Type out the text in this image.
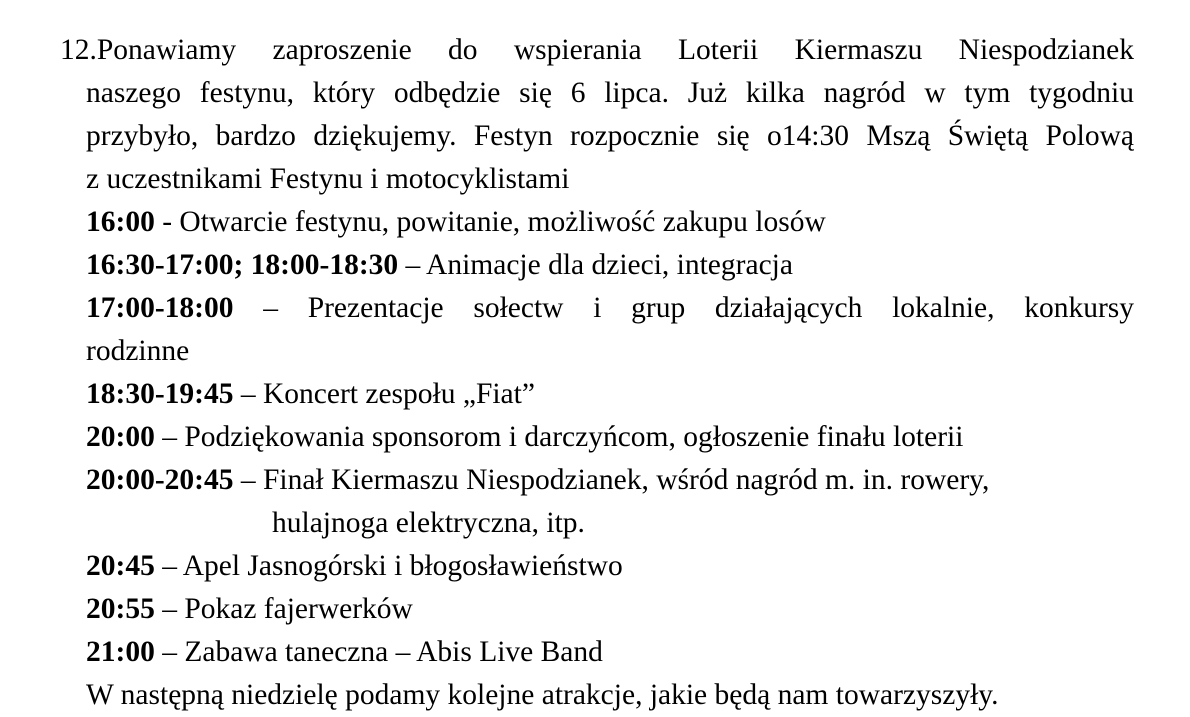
12.Ponawiamy zaproszenie do wspierania Loterii Kiermaszu Niespodzianek
naszego festynu, który odbędzie się 6 lipca. Już kilka nagród w tym tygodniu
przybyło, bardzo dziękujemy. Festyn rozpocznie się o14:30 Mszą Świętą Polową
z uczestnikami Festynu i motocyklistami
16:00 - Otwarcie festynu, powitanie, możliwość zakupu losów
16:30-17:00; 18:00-18:30 – Animacje dla dzieci, integracja
17:00-18:00 – Prezentacje sołectw i grup działających lokalnie, konkursy
rodzinne
18:30-19:45 – Koncert zespołu „Fiat”
20:00 – Podziękowania sponsorom i darczyńcom, ogłoszenie finału loterii
20:00-20:45 – Finał Kiermaszu Niespodzianek, wśród nagród m. in. rowery,
hulajnoga elektryczna, itp.
20:45 – Apel Jasnogórski i błogosławieństwo
20:55 – Pokaz fajerwerków
21:00 – Zabawa taneczna – Abis Live Band
W następną niedzielę podamy kolejne atrakcje, jakie będą nam towarzyszyły.
